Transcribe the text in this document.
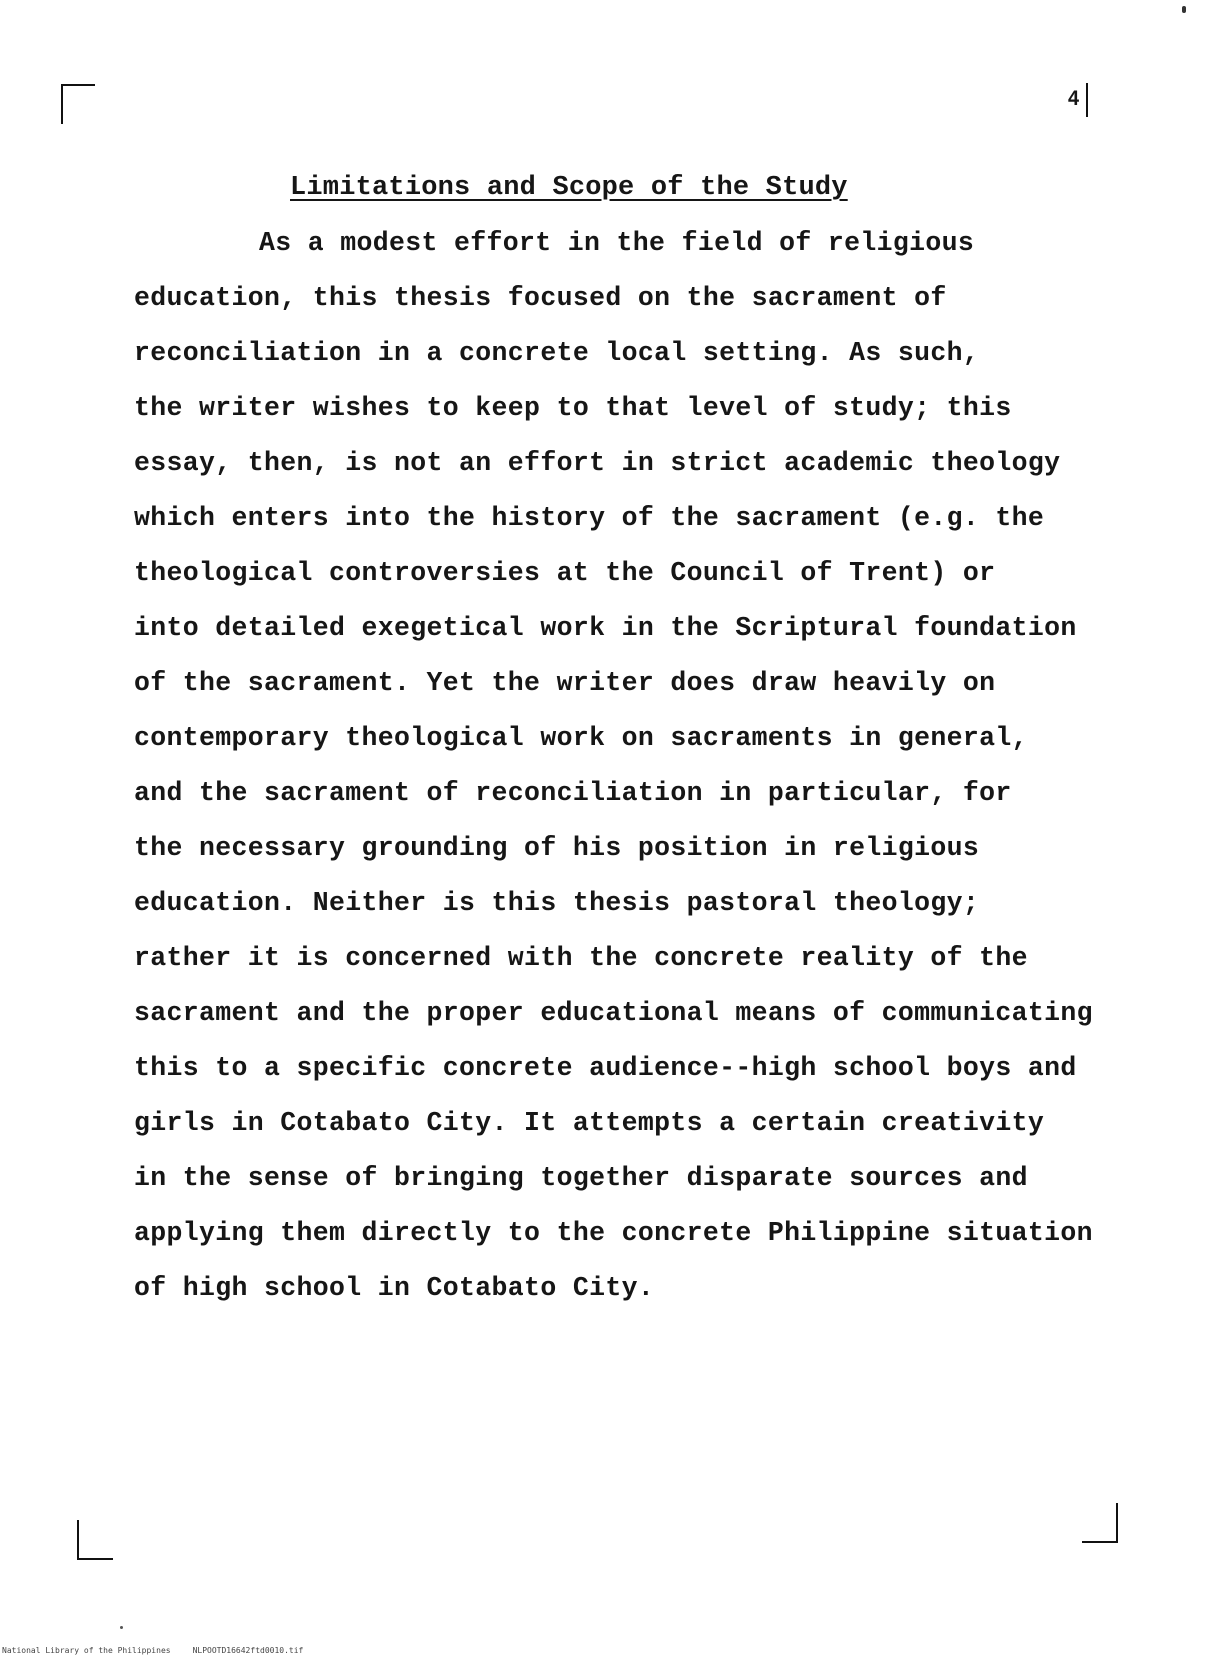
4
Limitations and Scope of the Study
As a modest effort in the field of religious
education, this thesis focused on the sacrament of
reconciliation in a concrete local setting. As such,
the writer wishes to keep to that level of study; this
essay, then, is not an effort in strict academic theology
which enters into the history of the sacrament (e.g. the
theological controversies at the Council of Trent) or
into detailed exegetical work in the Scriptural foundation
of the sacrament. Yet the writer does draw heavily on
contemporary theological work on sacraments in general,
and the sacrament of reconciliation in particular, for
the necessary grounding of his position in religious
education. Neither is this thesis pastoral theology;
rather it is concerned with the concrete reality of the
sacrament and the proper educational means of communicating
this to a specific concrete audience--high school boys and
girls in Cotabato City. It attempts a certain creativity
in the sense of bringing together disparate sources and
applying them directly to the concrete Philippine situation
of high school in Cotabato City.
National Library of the Philippines	NLPOOTD16642ftd0010.tif
